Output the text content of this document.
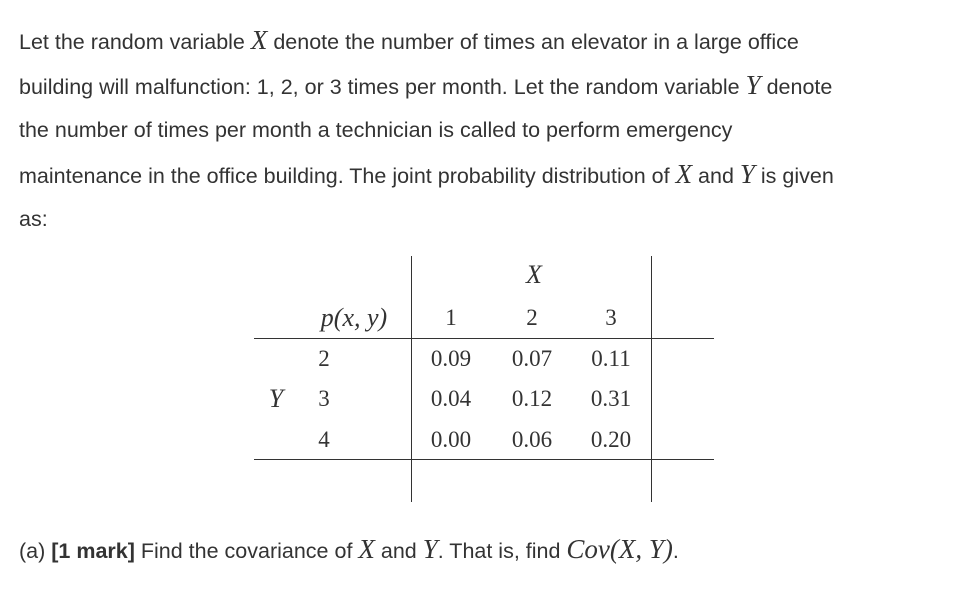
Let the random variable X denote the number of times an elevator in a large office
building will malfunction: 1, 2, or 3 times per month. Let the random variable Y denote
the number of times per month a technician is called to perform emergency
maintenance in the office building. The joint probability distribution of X and Y is given
as:

X
p(x, y)	1	2	3
Y
2	0.09 0.07 0.11
3	0.04 0.12 0.31
4	0.00 0.06 0.20
(a) [1 mark] Find the covariance of X and Y. That is, find Cov(X, Y).
